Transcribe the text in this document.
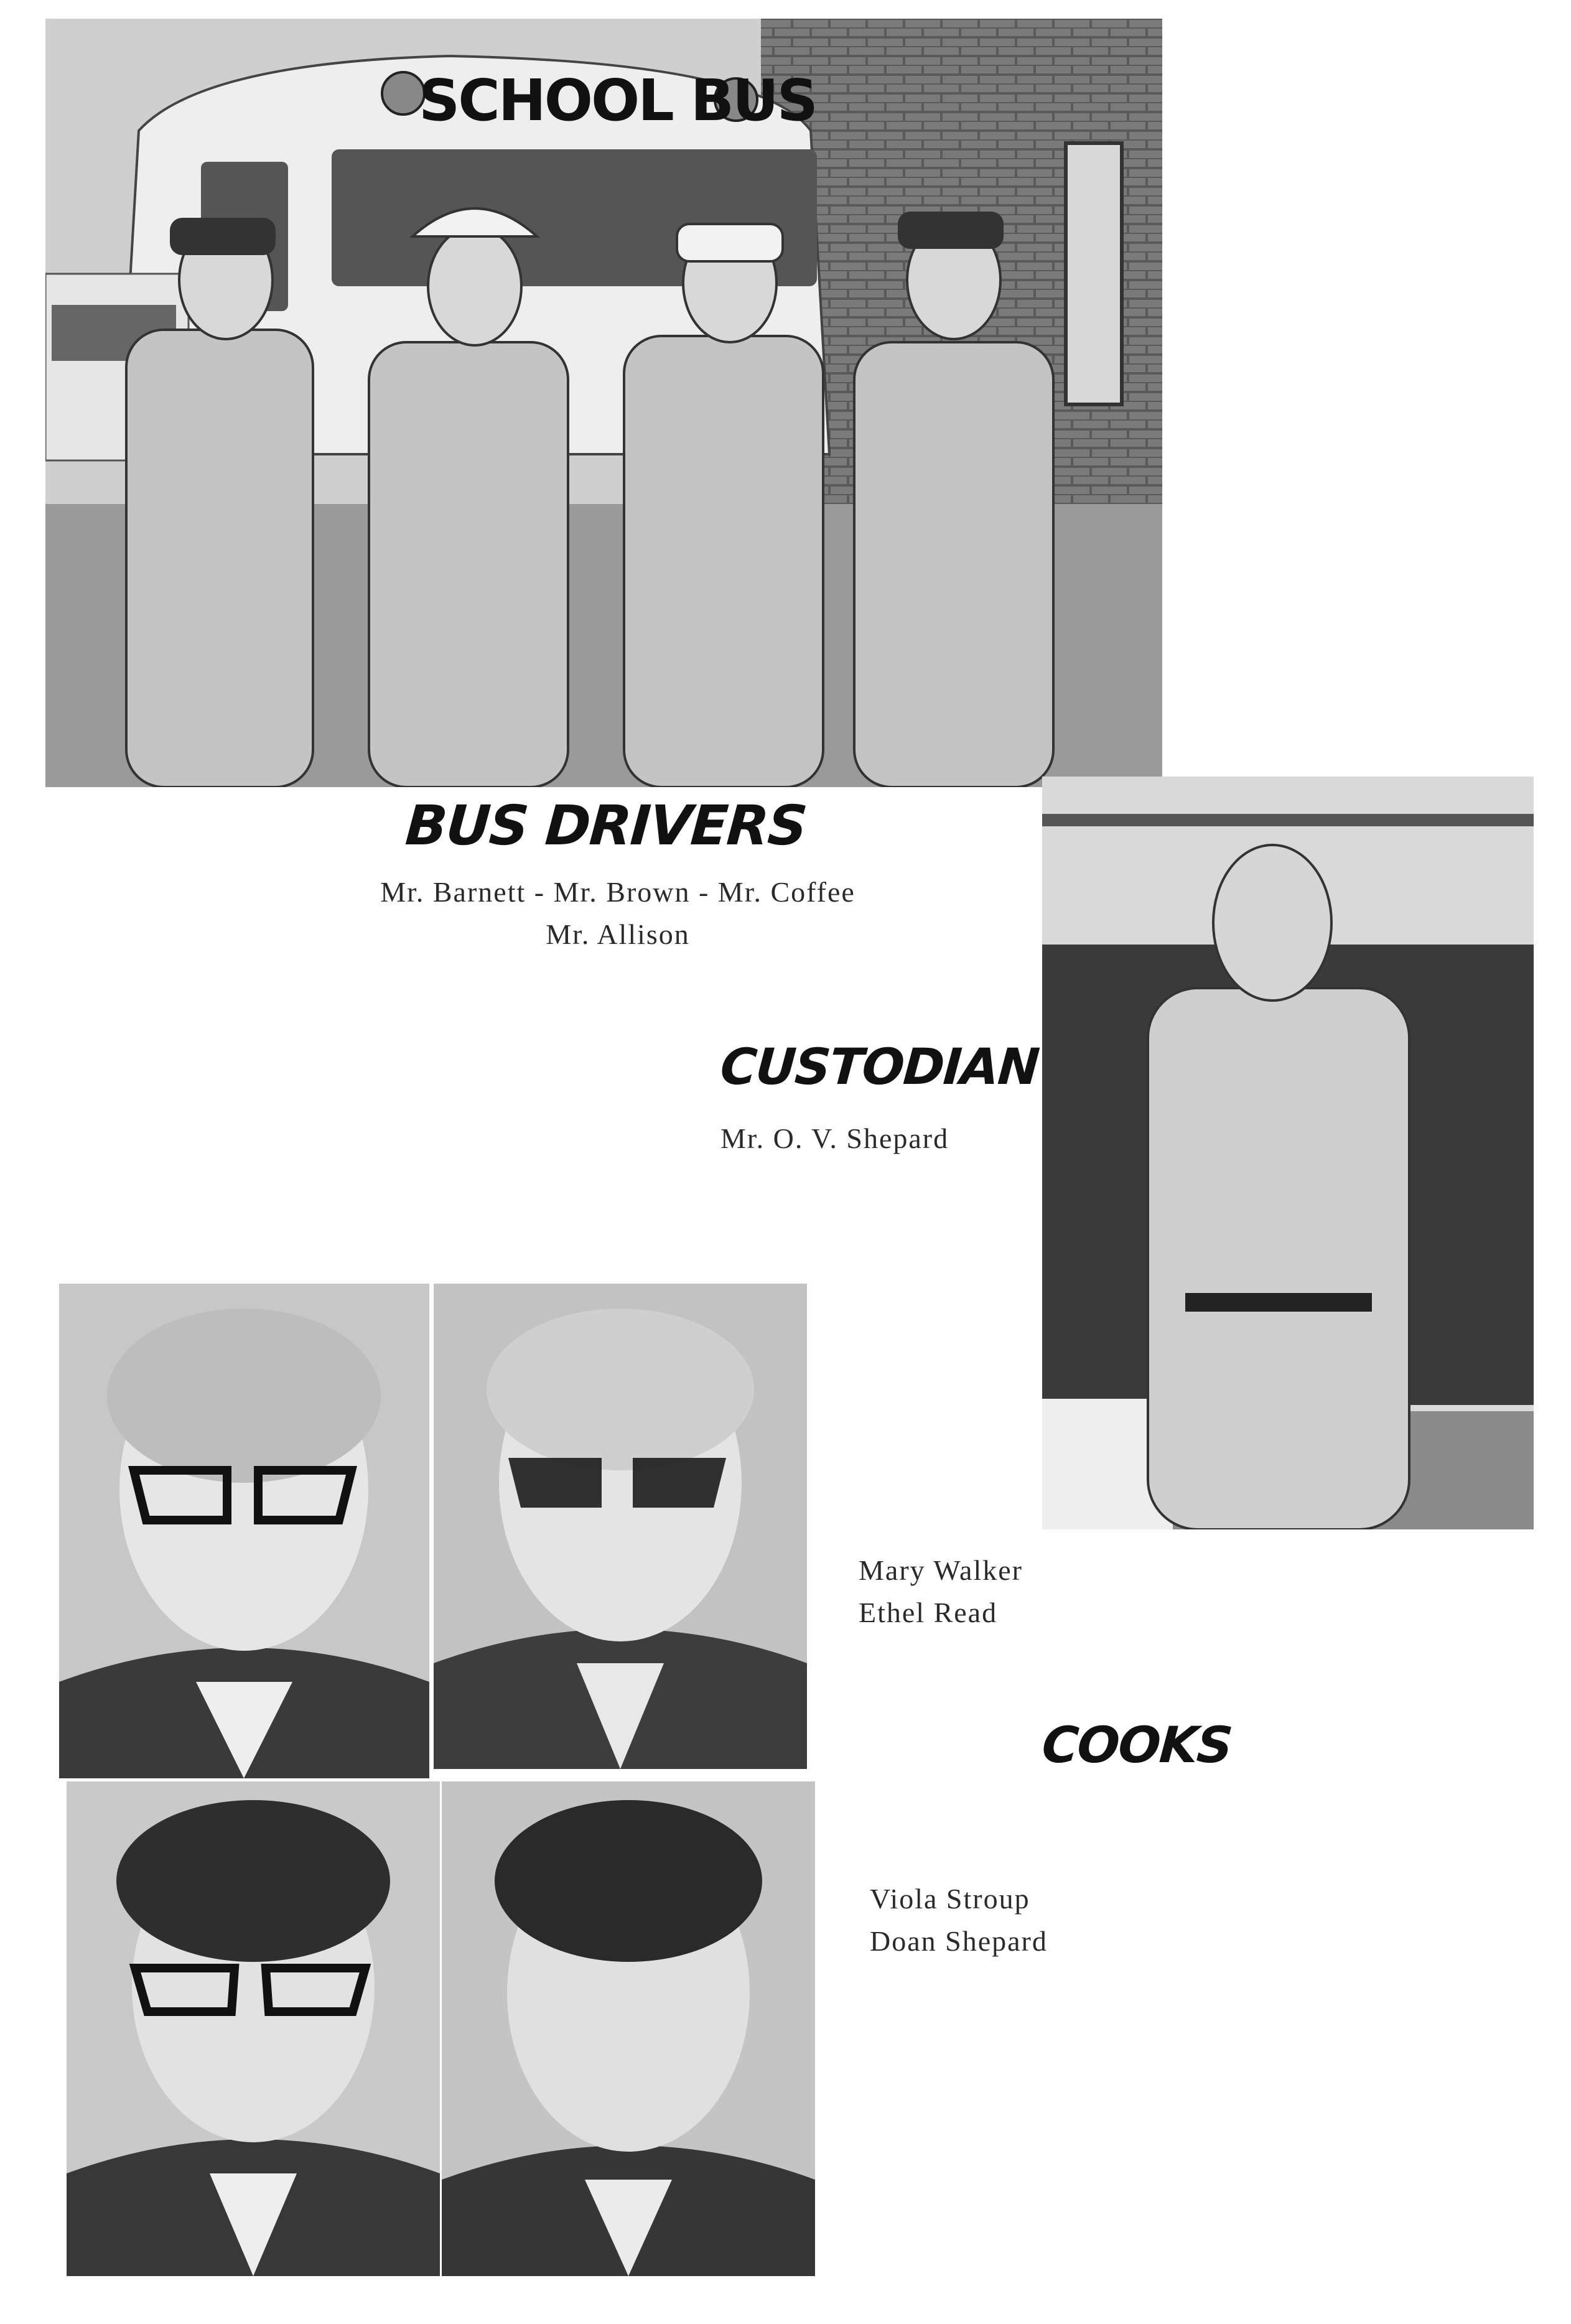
SCHOOL BUS
BUS DRIVERS
Mr. Barnett - Mr. Brown - Mr. Coffee
Mr. Allison
CUSTODIAN
Mr. O. V. Shepard
Mary Walker
Ethel Read
COOKS
Viola Stroup
Doan Shepard
